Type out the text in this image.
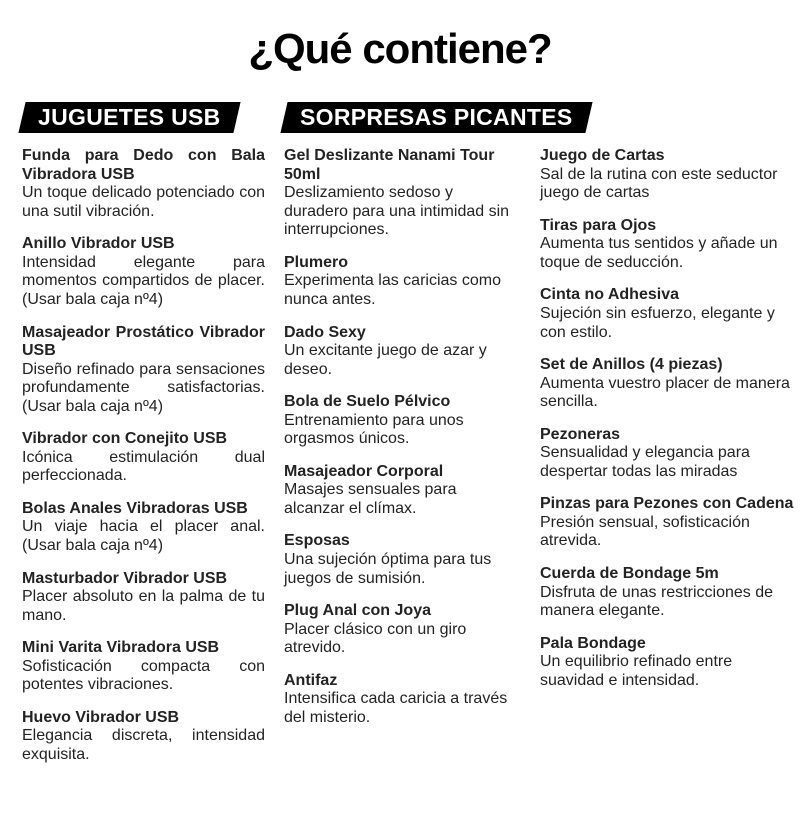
¿Qué contiene?
JUGUETES USB	SORPRESAS PICANTES
Funda para Dedo con Bala Vibradora USB
Un toque delicado potenciado con una sutil vibración.
Anillo Vibrador USB
Intensidad elegante para momentos compartidos de placer. (Usar bala caja nº4)
Masajeador Prostático Vibrador USB
Diseño refinado para sensaciones profundamente satisfactorias. (Usar bala caja nº4)
Vibrador con Conejito USB
Icónica estimulación dual perfeccionada.
Bolas Anales Vibradoras USB
Un viaje hacia el placer anal. (Usar bala caja nº4)
Masturbador Vibrador USB
Placer absoluto en la palma de tu mano.
Mini Varita Vibradora USB
Sofisticación compacta con potentes vibraciones.
Huevo Vibrador USB
Elegancia discreta, intensidad exquisita.
Gel Deslizante Nanami Tour 50ml
Deslizamiento sedoso y duradero para una intimidad sin interrupciones.
Plumero
Experimenta las caricias como nunca antes.
Dado Sexy
Un excitante juego de azar y deseo.
Bola de Suelo Pélvico
Entrenamiento para unos orgasmos únicos.
Masajeador Corporal
Masajes sensuales para alcanzar el clímax.
Esposas
Una sujeción óptima para tus juegos de sumisión.
Plug Anal con Joya
Placer clásico con un giro atrevido.
Antifaz
Intensifica cada caricia a través del misterio.
Juego de Cartas
Sal de la rutina con este seductor juego de cartas
Tiras para Ojos
Aumenta tus sentidos y añade un toque de seducción.
Cinta no Adhesiva
Sujeción sin esfuerzo, elegante y con estilo.
Set de Anillos (4 piezas)
Aumenta vuestro placer de manera sencilla.
Pezoneras
Sensualidad y elegancia para despertar todas las miradas
Pinzas para Pezones con Cadena
Presión sensual, sofisticación atrevida.
Cuerda de Bondage 5m
Disfruta de unas restricciones de manera elegante.
Pala Bondage
Un equilibrio refinado entre suavidad e intensidad.
